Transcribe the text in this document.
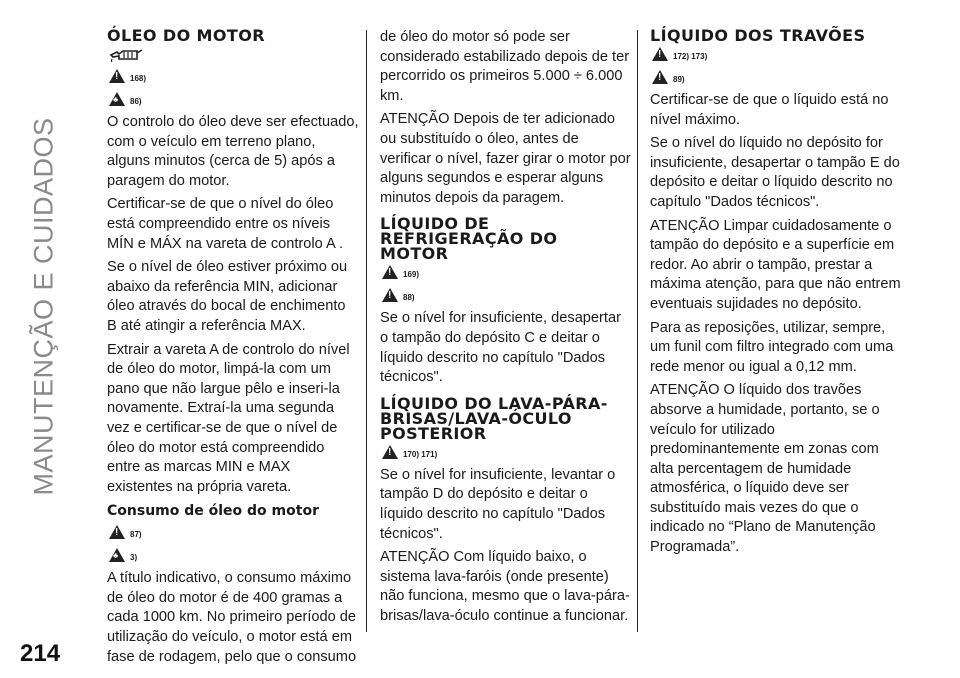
MANUTENÇÃO E CUIDADOS
214
ÓLEO DO MOTOR
!
168)
♣
86)

O controlo do óleo deve ser efectuado, com o veículo em terreno plano, alguns minutos (cerca de 5) após a paragem do motor.

Certificar-se de que o nível do óleo está compreendido entre os níveis MÍN e MÁX na vareta de controlo A .

Se o nível de óleo estiver próximo ou abaixo da referência MIN, adicionar óleo através do bocal de enchimento B até atingir a referência MAX.

Extrair a vareta A de controlo do nível de óleo do motor, limpá-la com um pano que não largue pêlo e inseri-la novamente. Extraí-la uma segunda vez e certificar-se de que o nível de óleo do motor está compreendido entre as marcas MIN e MAX existentes na própria vareta.

Consumo de óleo do motor
!
87)
♣
3)

A título indicativo, o consumo máximo de óleo do motor é de 400 gramas a cada 1000 km. No primeiro período de utilização do veículo, o motor está em fase de rodagem, pelo que o consumo

de óleo do motor só pode ser considerado estabilizado depois de ter percorrido os primeiros 5.000 ÷ 6.000 km.

ATENÇÃO Depois de ter adicionado ou substituído o óleo, antes de verificar o nível, fazer girar o motor por alguns segundos e esperar alguns minutos depois da paragem.

LÍQUIDO DE
REFRIGERAÇÃO DO
MOTOR
!
169)
!
88)

Se o nível for insuficiente, desapertar o tampão do depósito C e deitar o líquido descrito no capítulo "Dados técnicos".

LÍQUIDO DO LAVA-PÁRA-
BRISAS/LAVA-ÓCULO
POSTERIOR
!
170) 171)

Se o nível for insuficiente, levantar o tampão D do depósito e deitar o líquido descrito no capítulo "Dados técnicos".

ATENÇÃO Com líquido baixo, o sistema lava-faróis (onde presente) não funciona, mesmo que o lava-pára-brisas/lava-óculo continue a funcionar.

LÍQUIDO DOS TRAVÕES
!
172) 173)
!
89)

Certificar-se de que o líquido está no nível máximo.

Se o nível do líquido no depósito for insuficiente, desapertar o tampão E do depósito e deitar o líquido descrito no capítulo "Dados técnicos".

ATENÇÃO Limpar cuidadosamente o tampão do depósito e a superfície em redor. Ao abrir o tampão, prestar a máxima atenção, para que não entrem eventuais sujidades no depósito.

Para as reposições, utilizar, sempre, um funil com filtro integrado com uma rede menor ou igual a 0,12 mm.

ATENÇÃO O líquido dos travões absorve a humidade, portanto, se o veículo for utilizado predominantemente em zonas com alta percentagem de humidade atmosférica, o líquido deve ser substituído mais vezes do que o indicado no “Plano de Manutenção Programada”.
